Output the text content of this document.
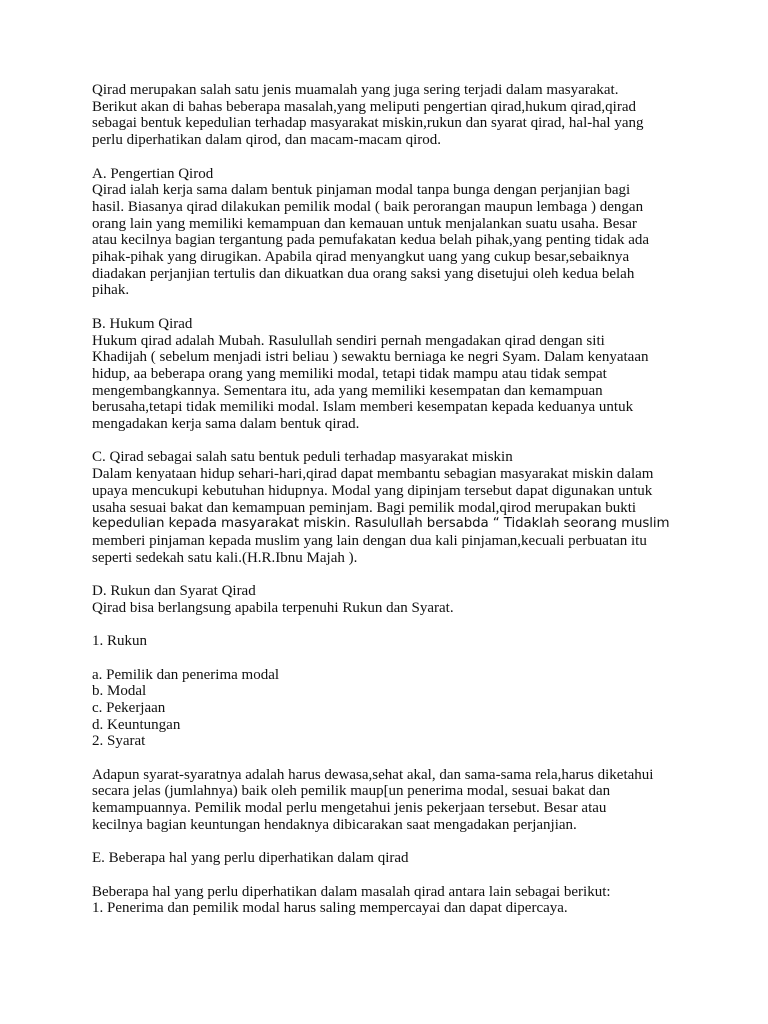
Qirad merupakan salah satu jenis muamalah yang juga sering terjadi dalam masyarakat.

Berikut akan di bahas beberapa masalah,yang meliputi pengertian qirad,hukum qirad,qirad

sebagai bentuk kepedulian terhadap masyarakat miskin,rukun dan syarat qirad, hal-hal yang

perlu diperhatikan dalam qirod, dan macam-macam qirod.

A. Pengertian Qirod

Qirad ialah kerja sama dalam bentuk pinjaman modal tanpa bunga dengan perjanjian bagi

hasil. Biasanya qirad dilakukan pemilik modal ( baik perorangan maupun lembaga ) dengan

orang lain yang memiliki kemampuan dan kemauan untuk menjalankan suatu usaha. Besar

atau kecilnya bagian tergantung pada pemufakatan kedua belah pihak,yang penting tidak ada

pihak-pihak yang dirugikan. Apabila qirad menyangkut uang yang cukup besar,sebaiknya

diadakan perjanjian tertulis dan dikuatkan dua orang saksi yang disetujui oleh kedua belah

pihak.

B. Hukum Qirad

Hukum qirad adalah Mubah. Rasulullah sendiri pernah mengadakan qirad dengan siti

Khadijah ( sebelum menjadi istri beliau ) sewaktu berniaga ke negri Syam. Dalam kenyataan

hidup, aa beberapa orang yang memiliki modal, tetapi tidak mampu atau tidak sempat

mengembangkannya. Sementara itu, ada yang memiliki kesempatan dan kemampuan

berusaha,tetapi tidak memiliki modal. Islam memberi kesempatan kepada keduanya untuk

mengadakan kerja sama dalam bentuk qirad.

C. Qirad sebagai salah satu bentuk peduli terhadap masyarakat miskin

Dalam kenyataan hidup sehari-hari,qirad dapat membantu sebagian masyarakat miskin dalam

upaya mencukupi kebutuhan hidupnya. Modal yang dipinjam tersebut dapat digunakan untuk

usaha sesuai bakat dan kemampuan peminjam. Bagi pemilik modal,qirod merupakan bukti

kepedulian kepada masyarakat miskin. Rasulullah bersabda “ Tidaklah seorang muslim

memberi pinjaman kepada muslim yang lain dengan dua kali pinjaman,kecuali perbuatan itu

seperti sedekah satu kali.(H.R.Ibnu Majah ).

D. Rukun dan Syarat Qirad

Qirad bisa berlangsung apabila terpenuhi Rukun dan Syarat.

1. Rukun

a. Pemilik dan penerima modal

b. Modal

c. Pekerjaan

d. Keuntungan

2. Syarat

Adapun syarat-syaratnya adalah harus dewasa,sehat akal, dan sama-sama rela,harus diketahui

secara jelas (jumlahnya) baik oleh pemilik maup[un penerima modal, sesuai bakat dan

kemampuannya. Pemilik modal perlu mengetahui jenis pekerjaan tersebut. Besar atau

kecilnya bagian keuntungan hendaknya dibicarakan saat mengadakan perjanjian.

E. Beberapa hal yang perlu diperhatikan dalam qirad

Beberapa hal yang perlu diperhatikan dalam masalah qirad antara lain sebagai berikut:

1. Penerima dan pemilik modal harus saling mempercayai dan dapat dipercaya.
